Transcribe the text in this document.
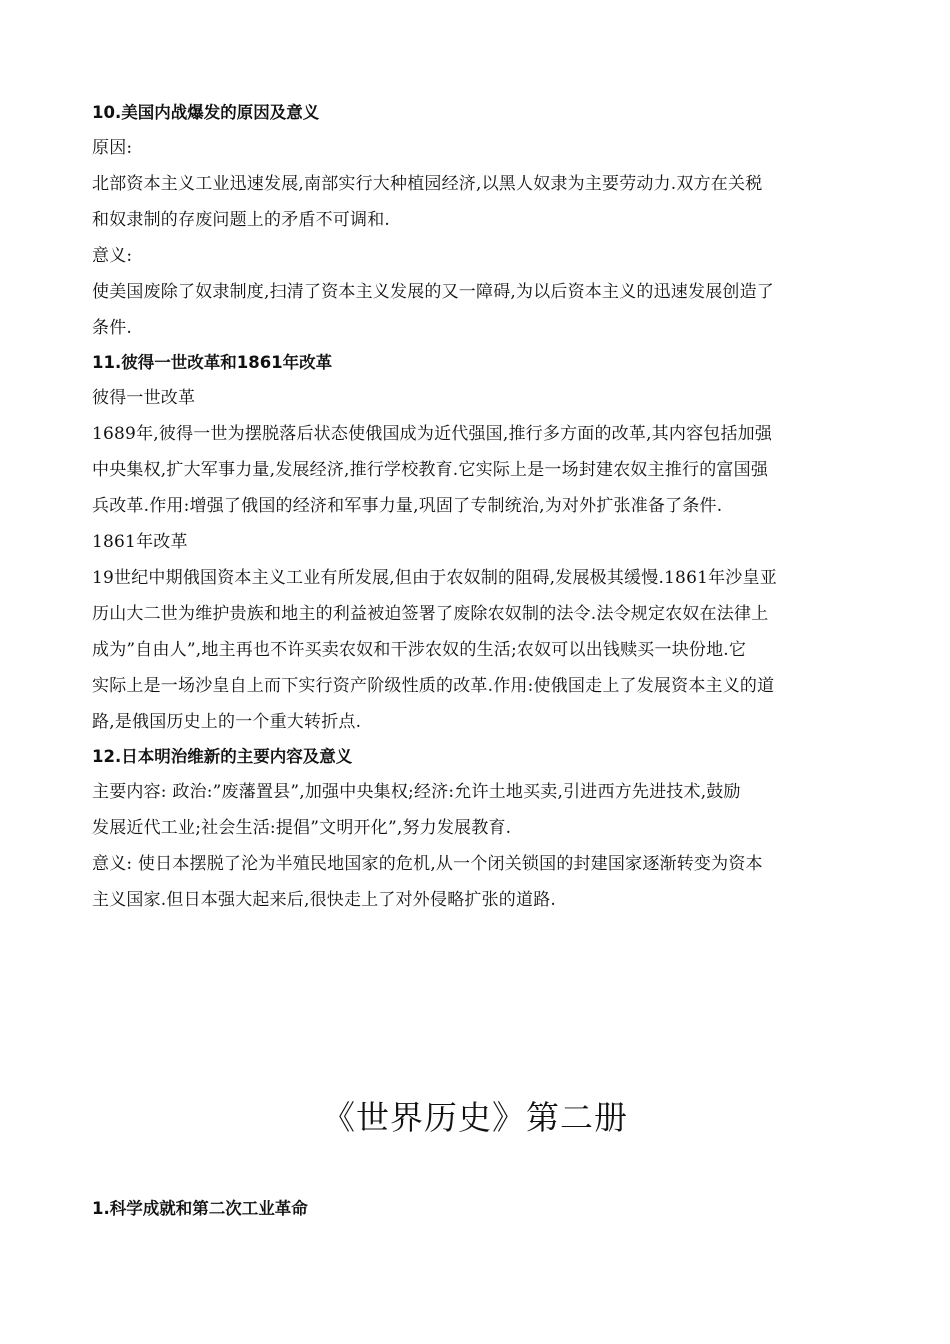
10.美国内战爆发的原因及意义
原因:
北部资本主义工业迅速发展,南部实行大种植园经济,以黑人奴隶为主要劳动力.双方在关税
和奴隶制的存废问题上的矛盾不可调和.
意义:
使美国废除了奴隶制度,扫清了资本主义发展的又一障碍,为以后资本主义的迅速发展创造了
条件.
11.彼得一世改革和1861年改革
彼得一世改革
1689年,彼得一世为摆脱落后状态使俄国成为近代强国,推行多方面的改革,其内容包括加强
中央集权,扩大军事力量,发展经济,推行学校教育.它实际上是一场封建农奴主推行的富国强
兵改革.作用:增强了俄国的经济和军事力量,巩固了专制统治,为对外扩张准备了条件.
1861年改革
19世纪中期俄国资本主义工业有所发展,但由于农奴制的阻碍,发展极其缓慢.1861年沙皇亚
历山大二世为维护贵族和地主的利益被迫签署了废除农奴制的法令.法令规定农奴在法律上
成为”自由人”,地主再也不许买卖农奴和干涉农奴的生活;农奴可以出钱赎买一块份地.它
实际上是一场沙皇自上而下实行资产阶级性质的改革.作用:使俄国走上了发展资本主义的道
路,是俄国历史上的一个重大转折点.
12.日本明治维新的主要内容及意义
主要内容: 政治:”废藩置县”,加强中央集权;经济:允许土地买卖,引进西方先进技术,鼓励
发展近代工业;社会生活:提倡”文明开化”,努力发展教育.
意义: 使日本摆脱了沦为半殖民地国家的危机,从一个闭关锁国的封建国家逐渐转变为资本
主义国家.但日本强大起来后,很快走上了对外侵略扩张的道路.
《世界历史》第二册
1.科学成就和第二次工业革命
